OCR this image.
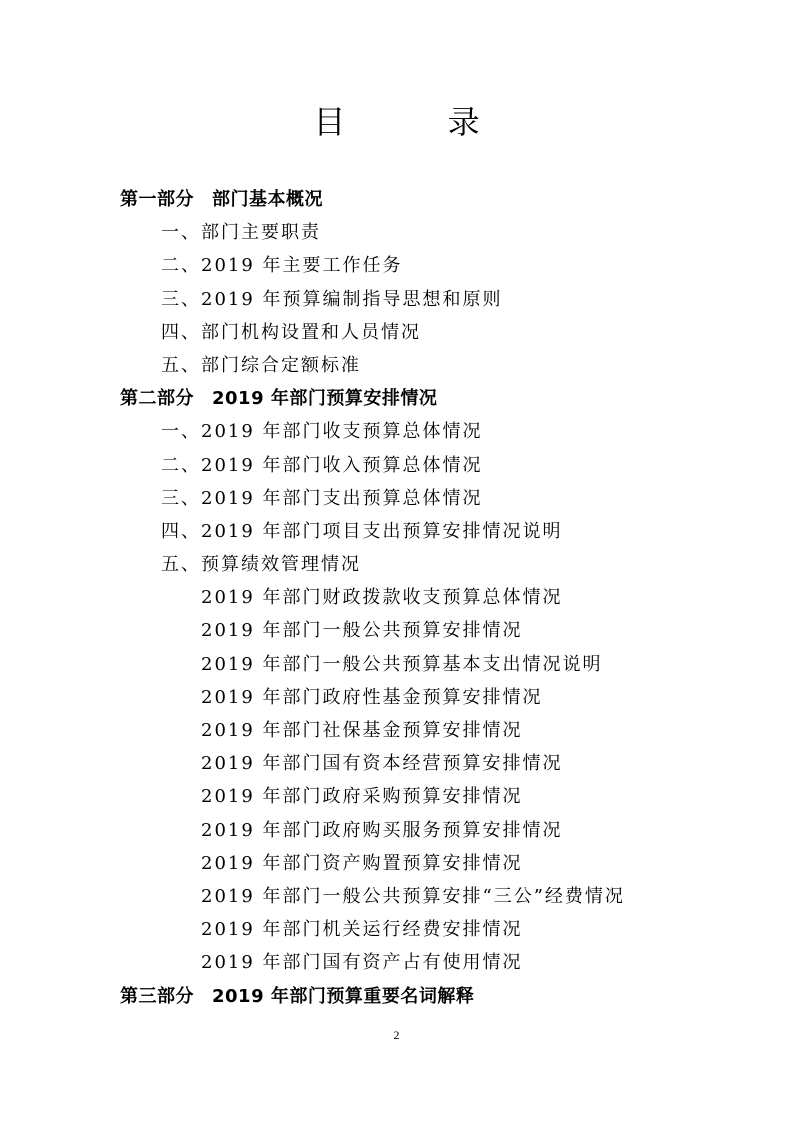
目 录
第一部分 部门基本概况
一、部门主要职责
二、2019 年主要工作任务
三、2019 年预算编制指导思想和原则
四、部门机构设置和人员情况
五、部门综合定额标准
第二部分 2019 年部门预算安排情况
一、2019 年部门收支预算总体情况
二、2019 年部门收入预算总体情况
三、2019 年部门支出预算总体情况
四、2019 年部门项目支出预算安排情况说明
五、预算绩效管理情况
2019 年部门财政拨款收支预算总体情况
2019 年部门一般公共预算安排情况
2019 年部门一般公共预算基本支出情况说明
2019 年部门政府性基金预算安排情况
2019 年部门社保基金预算安排情况
2019 年部门国有资本经营预算安排情况
2019 年部门政府采购预算安排情况
2019 年部门政府购买服务预算安排情况
2019 年部门资产购置预算安排情况
2019 年部门一般公共预算安排“三公”经费情况
2019 年部门机关运行经费安排情况
2019 年部门国有资产占有使用情况
第三部分 2019 年部门预算重要名词解释
2
